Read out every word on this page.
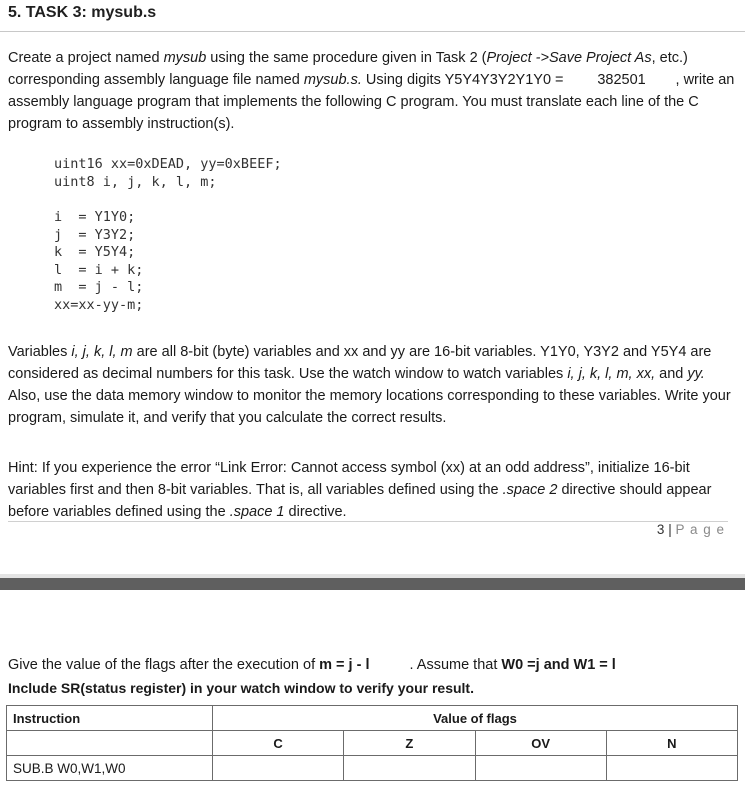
5. TASK 3: mysub.s
Create a project named mysub using the same procedure given in Task 2 (Project ->Save Project As, etc.) corresponding assembly language file named mysub.s. Using digits Y5Y4Y3Y2Y1Y0 = 382501 , write an assembly language program that implements the following C program. You must translate each line of the C program to assembly instruction(s).
uint16 xx=0xDEAD, yy=0xBEEF;
uint8 i, j, k, l, m;
i  = Y1Y0;
j  = Y3Y2;
k  = Y5Y4;
l  = i + k;
m  = j - l;
xx=xx-yy-m;
Variables i, j, k, l, m are all 8-bit (byte) variables and xx and yy are 16-bit variables. Y1Y0, Y3Y2 and Y5Y4 are considered as decimal numbers for this task. Use the watch window to watch variables i, j, k, l, m, xx, and yy. Also, use the data memory window to monitor the memory locations corresponding to these variables. Write your program, simulate it, and verify that you calculate the correct results.
Hint: If you experience the error “Link Error: Cannot access symbol (xx) at an odd address”, initialize 16-bit variables first and then 8-bit variables. That is, all variables defined using the .space 2 directive should appear before variables defined using the .space 1 directive.
3 | P a g e
Give the value of the flags after the execution of m = j - l	. Assume that W0 =j and W1 = l
Include SR(status register) in your watch window to verify your result.
Instruction	Value of flags			
	C	Z	OV	N
SUB.B W0,W1,W0				
